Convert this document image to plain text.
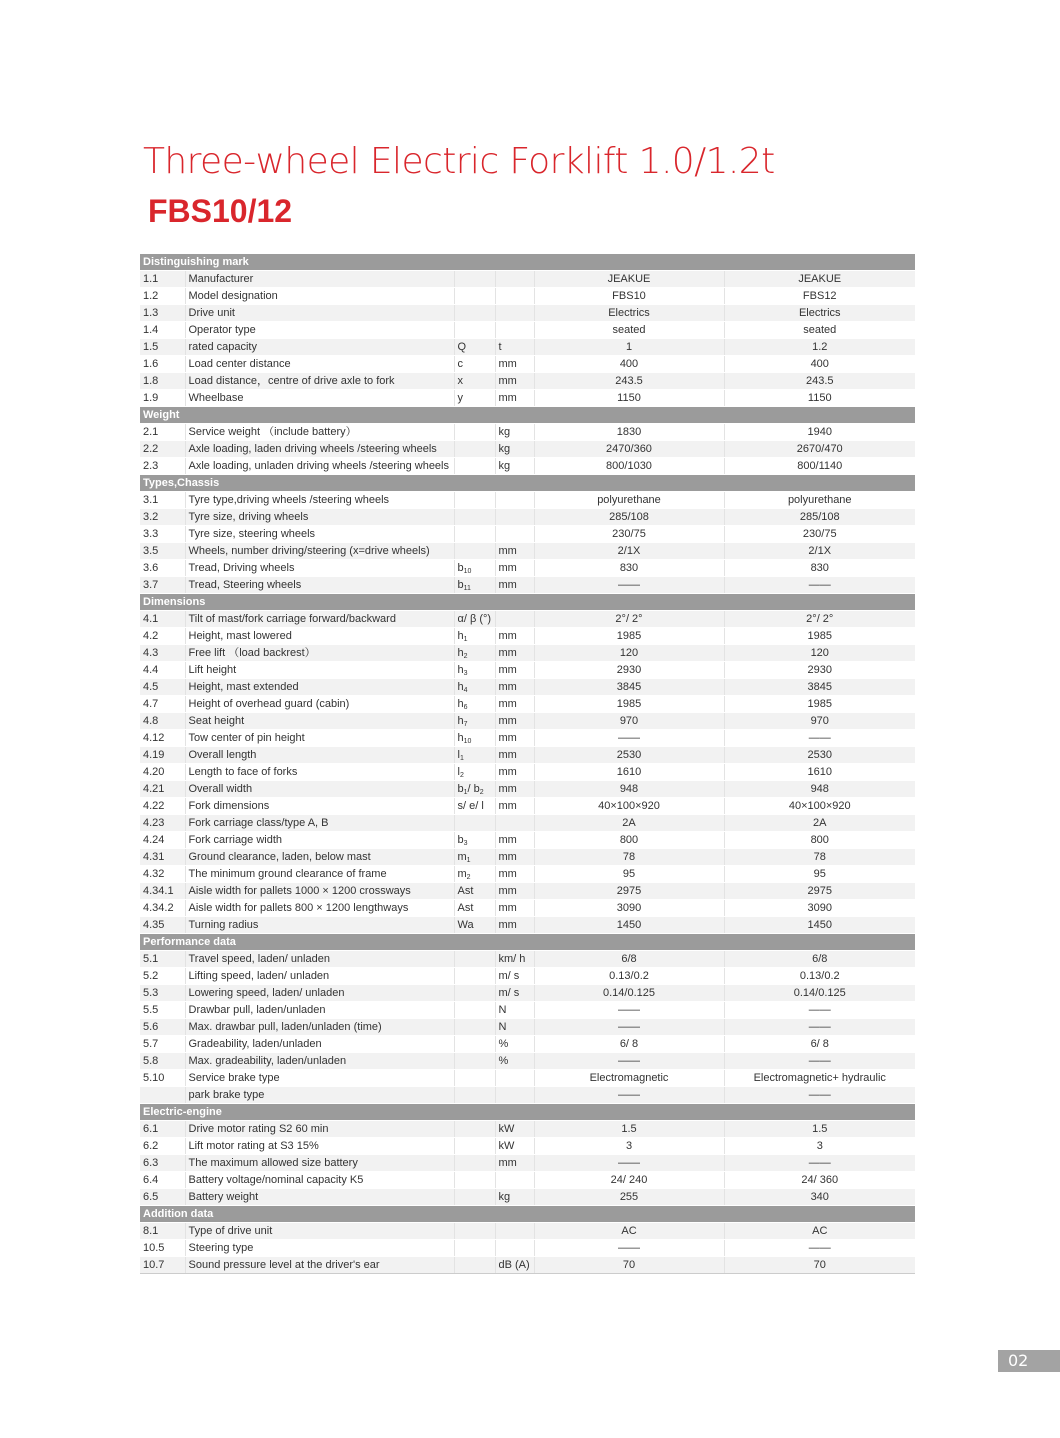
Three-wheel Electric Forklift 1.0/1.2t
FBS10/12
Distinguishing mark					
1.1	Manufacturer			JEAKUE	JEAKUE
1.2	Model designation			FBS10	FBS12
1.3	Drive unit			Electrics	Electrics
1.4	Operator type			seated	seated
1.5	rated capacity	Q	t	1	1.2
1.6	Load center distance	c	mm	400	400
1.8	Load distance，centre of drive axle to fork	x	mm	243.5	243.5
1.9	Wheelbase	y	mm	1150	1150
Weight					
2.1	Service weight （include battery）		kg	1830	1940
2.2	Axle loading, laden driving wheels /steering wheels		kg	2470/360	2670/470
2.3	Axle loading, unladen driving wheels /steering wheels		kg	800/1030	800/1140
Types,Chassis					
3.1	Tyre type,driving wheels /steering wheels			polyurethane	polyurethane
3.2	Tyre size, driving wheels			285/108	285/108
3.3	Tyre size, steering wheels			230/75	230/75
3.5	Wheels, number driving/steering (x=drive wheels)		mm	2/1X	2/1X
3.6	Tread, Driving wheels	$b_{10}$	mm	830	830
3.7	Tread, Steering wheels	$b_{11}$	mm	——	——
Dimensions					
4.1	Tilt of mast/fork carriage forward/backward	α/ β (°)		2°/ 2°	2°/ 2°
4.2	Height, mast lowered	$h_1$	mm	1985	1985
4.3	Free lift （load backrest）	$h_2$	mm	120	120
4.4	Lift height	$h_3$	mm	2930	2930
4.5	Height, mast extended	$h_4$	mm	3845	3845
4.7	Height of overhead guard (cabin)	$h_6$	mm	1985	1985
4.8	Seat height	$h_7$	mm	970	970
4.12	Tow center of pin height	$h_{10}$	mm	——	——
4.19	Overall length	$l_1$	mm	2530	2530
4.20	Length to face of forks	$l_2$	mm	1610	1610
4.21	Overall width	$b_1/$ $b_2$	mm	948	948
4.22	Fork dimensions	s/ e/ l	mm	40×100×920	40×100×920
4.23	Fork carriage class/type A, B			2A	2A
4.24	Fork carriage width	$b_3$	mm	800	800
4.31	Ground clearance, laden, below mast	$m_1$	mm	78	78
4.32	The minimum ground clearance of frame	$m_2$	mm	95	95
4.34.1	Aisle width for pallets 1000 × 1200 crossways	Ast	mm	2975	2975
4.34.2	Aisle width for pallets 800 × 1200 lengthways	Ast	mm	3090	3090
4.35	Turning radius	Wa	mm	1450	1450
Performance data					
5.1	Travel speed, laden/ unladen		km/ h	6/8	6/8
5.2	Lifting speed, laden/ unladen		m/ s	0.13/0.2	0.13/0.2
5.3	Lowering speed, laden/ unladen		m/ s	0.14/0.125	0.14/0.125
5.5	Drawbar pull, laden/unladen		N	——	——
5.6	Max. drawbar pull, laden/unladen (time)		N	——	——
5.7	Gradeability, laden/unladen		%	6/ 8	6/ 8
5.8	Max. gradeability, laden/unladen		%	——	——
5.10	Service brake type			Electromagnetic	Electromagnetic+ hydraulic
	park brake type			——	——
Electric-engine					
6.1	Drive motor rating S2 60 min		kW	1.5	1.5
6.2	Lift motor rating at S3 15%		kW	3	3
6.3	The maximum allowed size battery		mm	——	——
6.4	Battery voltage/nominal capacity K5			24/ 240	24/ 360
6.5	Battery weight		kg	255	340
Addition data					
8.1	Type of drive unit			AC	AC
10.5	Steering type			——	——
10.7	Sound pressure level at the driver's ear		dB (A)	70	70
02
